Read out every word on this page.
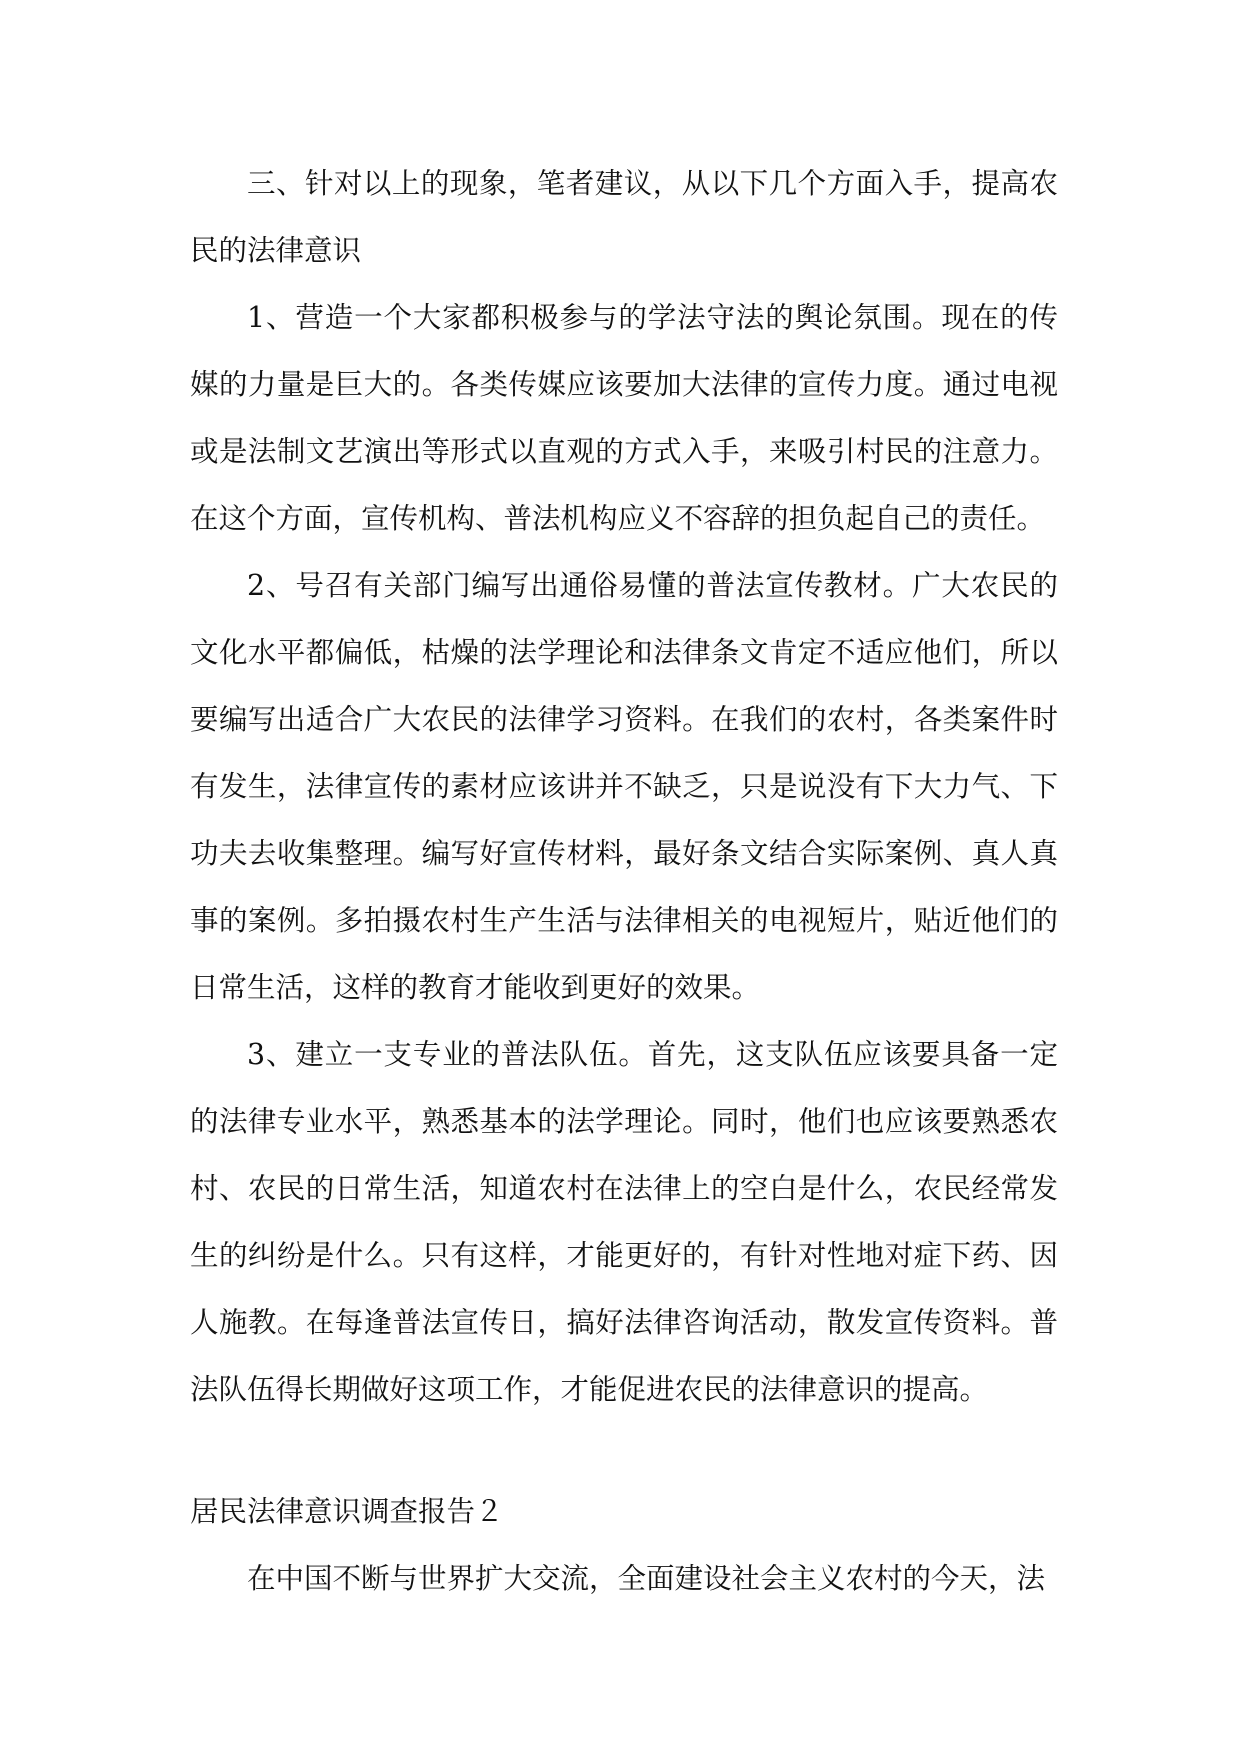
三、针对以上的现象，笔者建议，从以下几个方面入手，提高农民的法律意识

1、营造一个大家都积极参与的学法守法的舆论氛围。现在的传媒的力量是巨大的。各类传媒应该要加大法律的宣传力度。通过电视或是法制文艺演出等形式以直观的方式入手，来吸引村民的注意力。在这个方面，宣传机构、普法机构应义不容辞的担负起自己的责任。

2、号召有关部门编写出通俗易懂的普法宣传教材。广大农民的文化水平都偏低，枯燥的法学理论和法律条文肯定不适应他们，所以要编写出适合广大农民的法律学习资料。在我们的农村，各类案件时有发生，法律宣传的素材应该讲并不缺乏，只是说没有下大力气、下功夫去收集整理。编写好宣传材料，最好条文结合实际案例、真人真事的案例。多拍摄农村生产生活与法律相关的电视短片，贴近他们的日常生活，这样的教育才能收到更好的效果。

3、建立一支专业的普法队伍。首先，这支队伍应该要具备一定的法律专业水平，熟悉基本的法学理论。同时，他们也应该要熟悉农村、农民的日常生活，知道农村在法律上的空白是什么，农民经常发生的纠纷是什么。只有这样，才能更好的，有针对性地对症下药、因人施教。在每逢普法宣传日，搞好法律咨询活动，散发宣传资料。普法队伍得长期做好这项工作，才能促进农民的法律意识的提高。

居民法律意识调查报告２

在中国不断与世界扩大交流，全面建设社会主义农村的今天，法
